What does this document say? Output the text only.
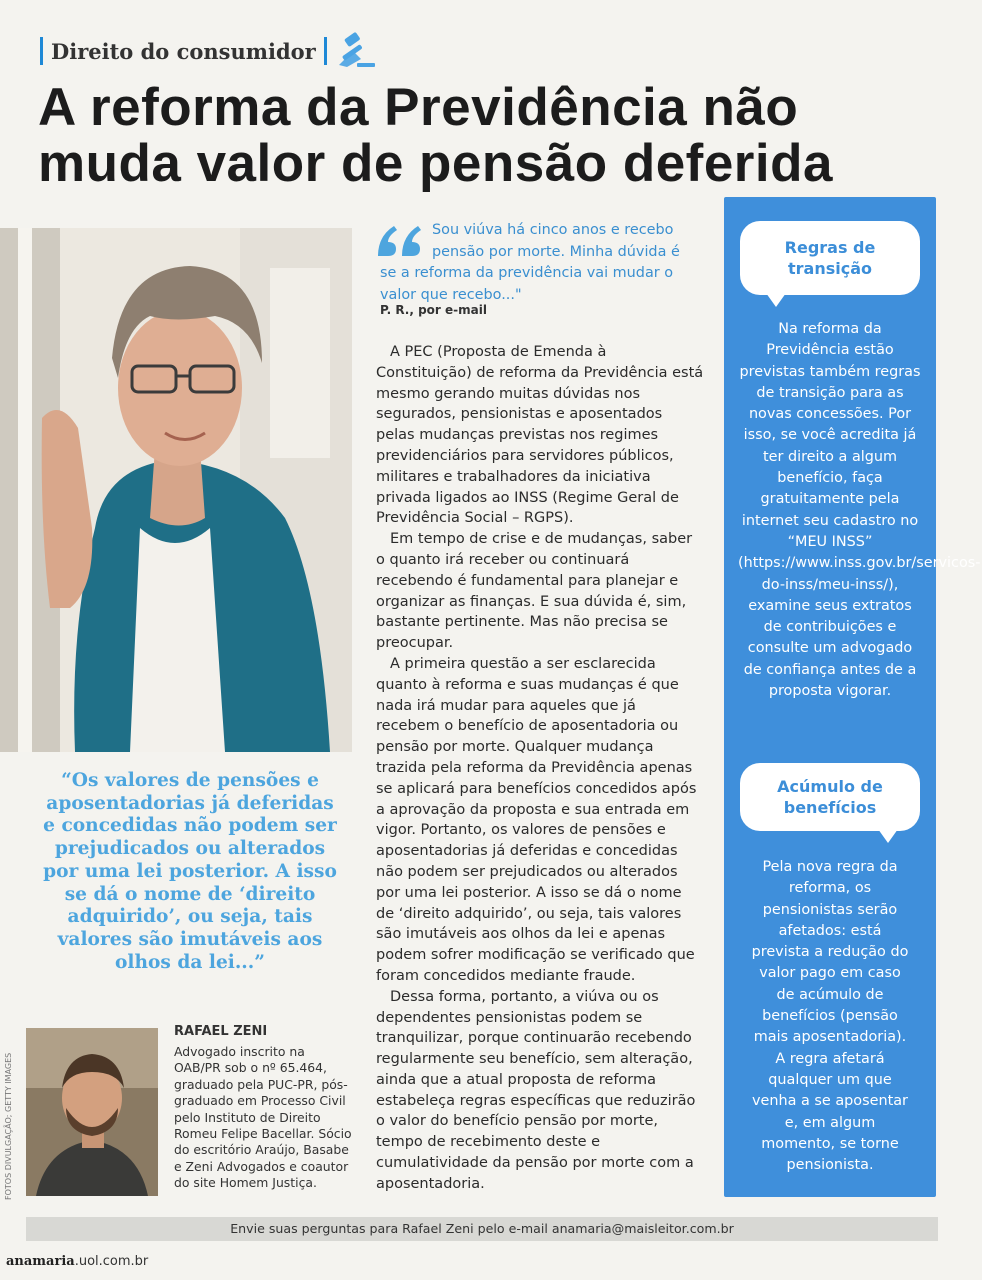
Direito do consumidor
A reforma da Previdência não
muda valor de pensão deferida
“Os valores de pensões e aposentadorias já deferidas e concedidas não podem ser prejudicados ou alterados por uma lei posterior. A isso se dá o nome de ‘direito adquirido’, ou seja, tais valores são imutáveis aos olhos da lei...”
FOTOS DIVULGAÇÃO; GETTY IMAGES
RAFAEL ZENI
Advogado inscrito na OAB/PR sob o nº 65.464, graduado pela PUC-PR, pós-graduado em Processo Civil pelo Instituto de Direito Romeu Felipe Bacellar. Sócio do escritório Araújo, Basabe e Zeni Advogados e coautor do site Homem Justiça.

Sou viúva há cinco anos e recebo

pensão por morte. Minha dúvida é

se a reforma da previdência vai mudar o

valor que recebo..."

P. R., por e-mail

A PEC (Proposta de Emenda à Constituição) de reforma da Previdência está mesmo gerando muitas dúvidas nos segurados, pensionistas e aposentados pelas mudanças previstas nos regimes previdenciários para servidores públicos, militares e trabalhadores da iniciativa privada ligados ao INSS (Regime Geral de Previdência Social – RGPS).

Em tempo de crise e de mudanças, saber o quanto irá receber ou continuará recebendo é fundamental para planejar e organizar as finanças. E sua dúvida é, sim, bastante pertinente. Mas não precisa se preocupar.

A primeira questão a ser esclarecida quanto à reforma e suas mudanças é que nada irá mudar para aqueles que já recebem o benefício de aposentadoria ou pensão por morte. Qualquer mudança trazida pela reforma da Previdência apenas se aplicará para benefícios concedidos após a aprovação da proposta e sua entrada em vigor. Portanto, os valores de pensões e aposentadorias já deferidas e concedidas não podem ser prejudicados ou alterados por uma lei posterior. A isso se dá o nome de ‘direito adquirido’, ou seja, tais valores são imutáveis aos olhos da lei e apenas podem sofrer modificação se verificado que foram concedidos mediante fraude.

Dessa forma, portanto, a viúva ou os dependentes pensionistas podem se tranquilizar, porque continuarão recebendo regularmente seu benefício, sem alteração, ainda que a atual proposta de reforma estabeleça regras específicas que reduzirão o valor do benefício pensão por morte, tempo de recebimento deste e cumulatividade da pensão por morte com a aposentadoria.

Regras de transição

Na reforma da Previdência estão previstas também regras de transição para as novas concessões. Por isso, se você acredita já ter direito a algum benefício, faça gratuitamente pela internet seu cadastro no “MEU INSS” (https://www.inss.gov.br/servicos-do-inss/meu-inss/), examine seus extratos de contribuições e consulte um advogado de confiança antes de a proposta vigorar.

Acúmulo de benefícios

Pela nova regra da reforma, os pensionistas serão afetados: está prevista a redução do valor pago em caso de acúmulo de benefícios (pensão mais aposentadoria). A regra afetará qualquer um que venha a se aposentar e, em algum momento, se torne pensionista.

Envie suas perguntas para Rafael Zeni pelo e-mail anamaria@maisleitor.com.br
anamaria.uol.com.br
